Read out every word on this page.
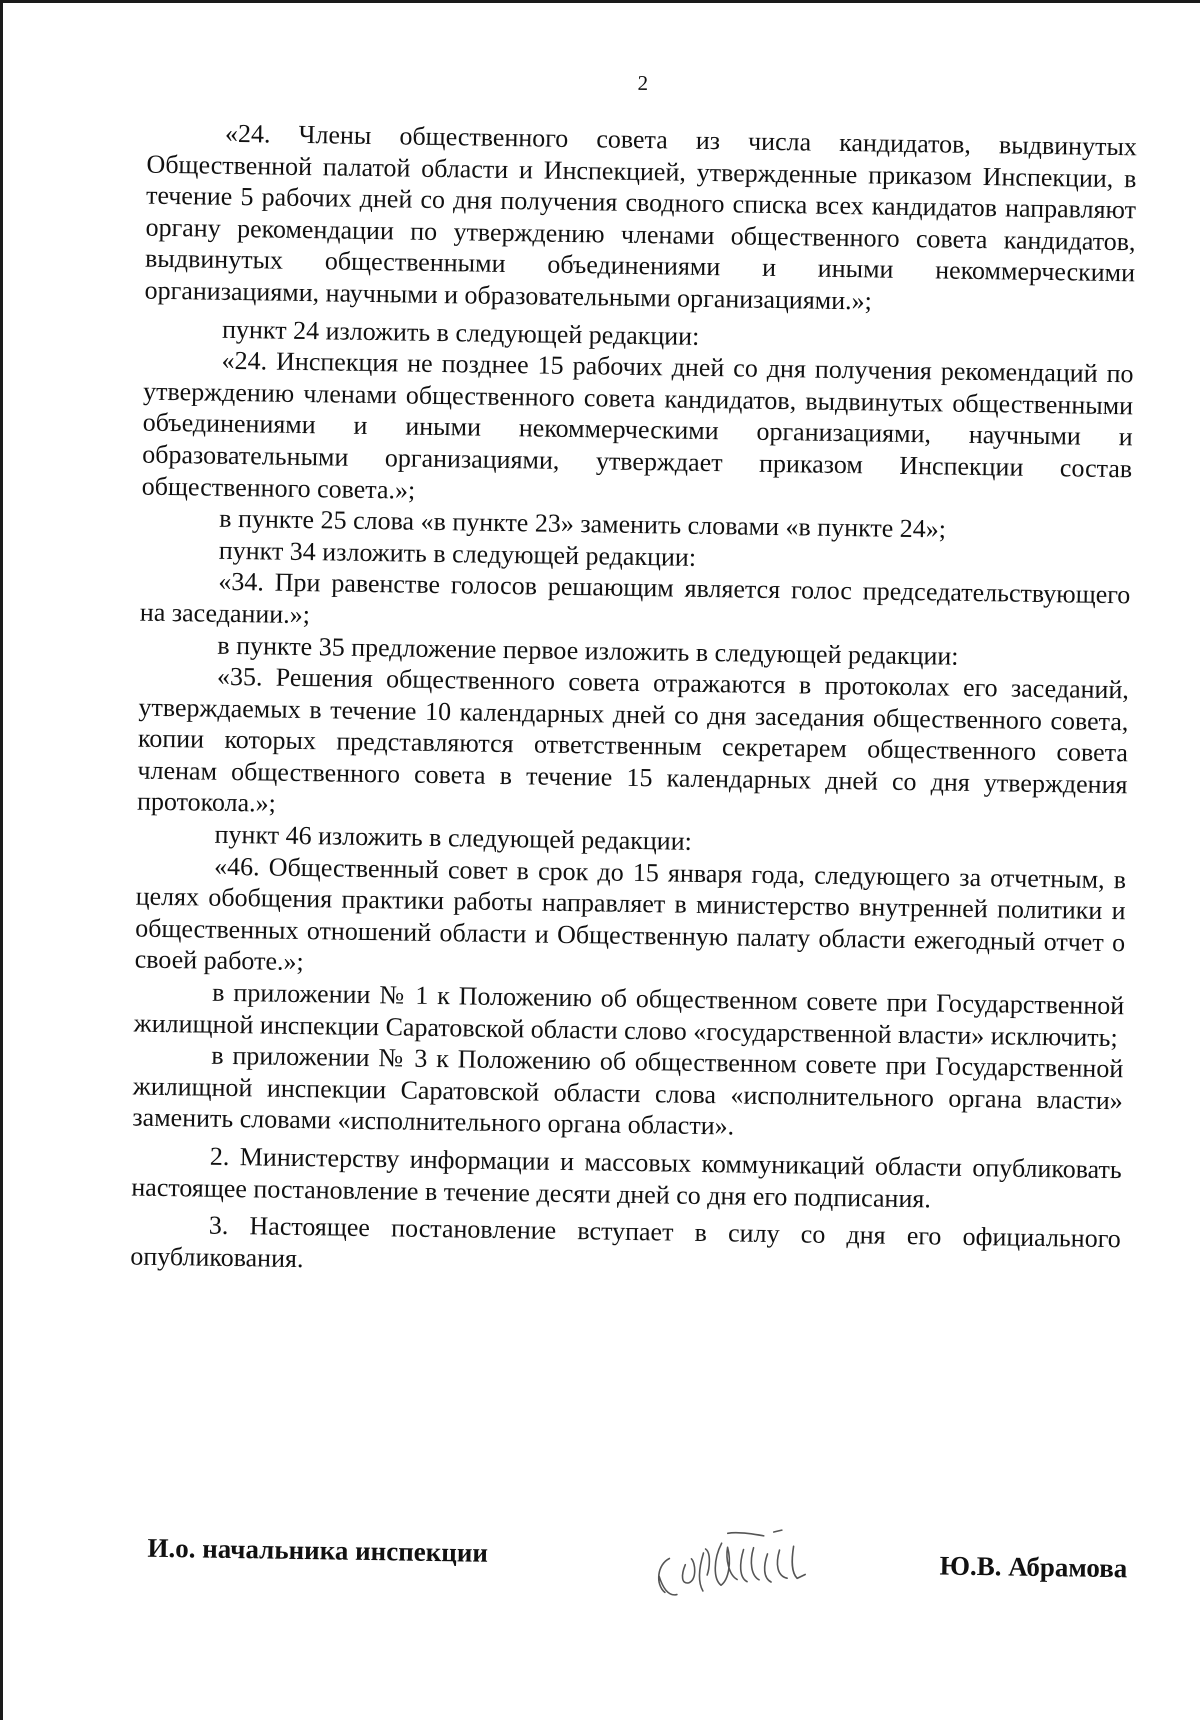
2

«24. Члены общественного совета из числа кандидатов, выдвинутых Общественной палатой области и Инспекцией, утвержденные приказом Инспекции, в течение 5 рабочих дней со дня получения сводного списка всех кандидатов направляют органу рекомендации по утверждению членами общественного совета кандидатов, выдвинутых общественными объединениями и иными некоммерческими организациями, научными и образовательными организациями.»;

пункт 24 изложить в следующей редакции:

«24. Инспекция не позднее 15 рабочих дней со дня получения рекомендаций по утверждению членами общественного совета кандидатов, выдвинутых общественными объединениями и иными некоммерческими организациями, научными и образовательными организациями, утверждает приказом Инспекции состав общественного совета.»;

в пункте 25 слова «в пункте 23» заменить словами «в пункте 24»;

пункт 34 изложить в следующей редакции:

«34. При равенстве голосов решающим является голос председательствующего на заседании.»;

в пункте 35 предложение первое изложить в следующей редакции:

«35. Решения общественного совета отражаются в протоколах его заседаний, утверждаемых в течение 10 календарных дней со дня заседания общественного совета, копии которых представляются ответственным секретарем общественного совета членам общественного совета в течение 15 календарных дней со дня утверждения протокола.»;

пункт 46 изложить в следующей редакции:

«46. Общественный совет в срок до 15 января года, следующего за отчетным, в целях обобщения практики работы направляет в министерство внутренней политики и общественных отношений области и Общественную палату области ежегодный отчет о своей работе.»;

в приложении № 1 к Положению об общественном совете при Государственной жилищной инспекции Саратовской области слово «государственной власти» исключить;

в приложении № 3 к Положению об общественном совете при Государственной жилищной инспекции Саратовской области слова «исполнительного органа власти» заменить словами «исполнительного органа области».

2. Министерству информации и массовых коммуникаций области опубликовать настоящее постановление в течение десяти дней со дня его подписания.

3. Настоящее постановление вступает в силу со дня его официального опубликования.

И.о. начальника инспекции	Ю.В. Абрамова
